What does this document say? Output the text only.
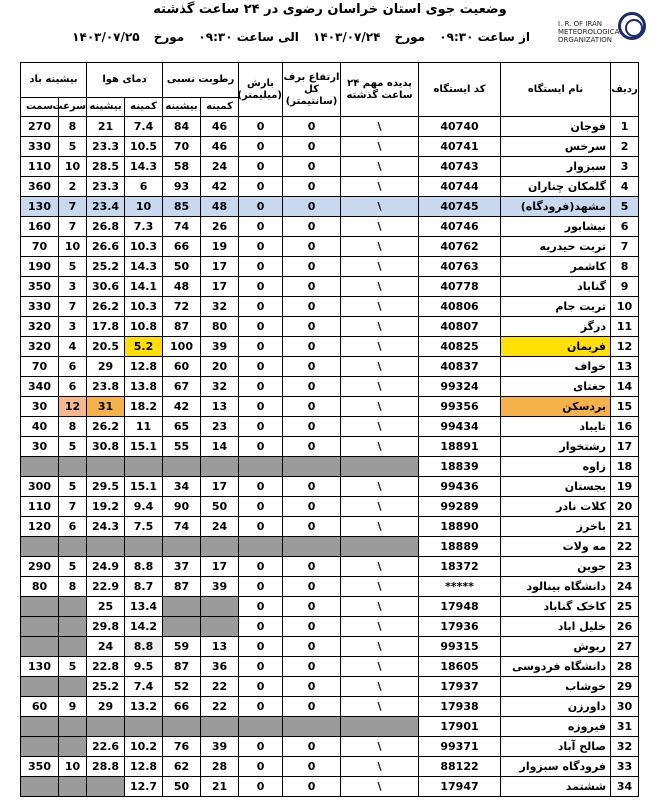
وضعیت جوی استان خراسان رضوی در ۲۴ ساعت گذشته
از ساعت ۰۹:۳۰ مورخ ۱۴۰۳/۰۷/۲۴ الی ساعت ۰۹:۳۰ مورخ ۱۴۰۳/۰۷/۲۵
I. R. OF IRAN METEOROLOGICAL ORGANIZATION
ردیف	نام ایستگاه	کد ایستگاه	پدیده مهم ۲۴ ساعت گذشته	ارتفاع برف کل (سانتیمتر)	بارش (میلیمتر)	رطوبت نسبی		دمای هوا		بیشینه باد	
						کمینه	بیشینه	کمینه	بیشینه	سرعت	سمت
1	فوجان	40740	\	0	0	46	84	7.4	21	8	270
2	سرخس	40741	\	0	0	46	70	10.5	23.3	5	330
3	سبزوار	40743	\	0	0	24	58	14.3	28.5	10	110
4	گلمکان چناران	40744	\	0	0	42	93	6	23.3	2	360
5	مشهد(فرودگاه)	40745	\	0	0	48	85	10	23.4	7	130
6	نیشابور	40746	\	0	0	26	74	7.3	26.8	7	160
7	تربت حیدریه	40762	\	0	0	19	66	10.3	26.6	10	70
8	کاشمر	40763	\	0	0	17	50	14.3	25.2	5	190
9	گناباد	40778	\	0	0	17	48	14.1	30.6	3	350
10	تربت جام	40806	\	0	0	32	72	10.3	26.2	7	330
11	درگز	40807	\	0	0	80	87	10.8	17.8	3	320
12	فریمان	40825	\	0	0	39	100	5.2	20.5	4	320
13	خواف	40837	\	0	0	20	60	12.8	29	6	70
14	جغتای	99324	\	0	0	32	67	13.8	23.8	6	340
15	بردسکن	99356	\	0	0	13	42	18.2	31	12	30
16	تایباد	99434	\	0	0	23	65	11	26.2	8	40
17	رشتخوار	18891	\	0	0	14	55	15.1	30.8	5	30
18	زاوه	18839									
19	بجستان	99436	\	0	0	17	34	15.1	29.5	5	300
20	کلات نادر	99289	\	0	0	50	90	9.4	19.2	7	110
21	باخرز	18890	\	0	0	24	74	7.5	24.3	6	120
22	مه ولات	18889									
23	جوین	18372	\	0	0	17	37	8.8	24.9	5	290
24	دانشگاه بینالود	*****	\	0	0	39	87	8.7	22.9	8	80
25	کاخک گناباد	17948	\	0	0			13.4	25		
26	خلیل اباد	17936	\	0	0			14.2	29.8		
27	ریوش	99315	\	0	0	13	59	8.8	24		
28	دانشگاه فردوسی	18605	\	0	0	36	87	9.5	22.8	5	130
29	خوشاب	17937	\	0	0	22	52	7.4	25.2		
30	داورزن	17938	\	0	0	22	66	13.2	29	9	60
31	فیروزه	17901									
32	صالح آباد	99371	\	0	0	39	76	10.2	22.6		
33	فرودگاه سبزوار	88122	\	0	0	28	62	12.8	28.8	10	350
34	ششتمد	17947	\	0	0	21	50	12.7			
